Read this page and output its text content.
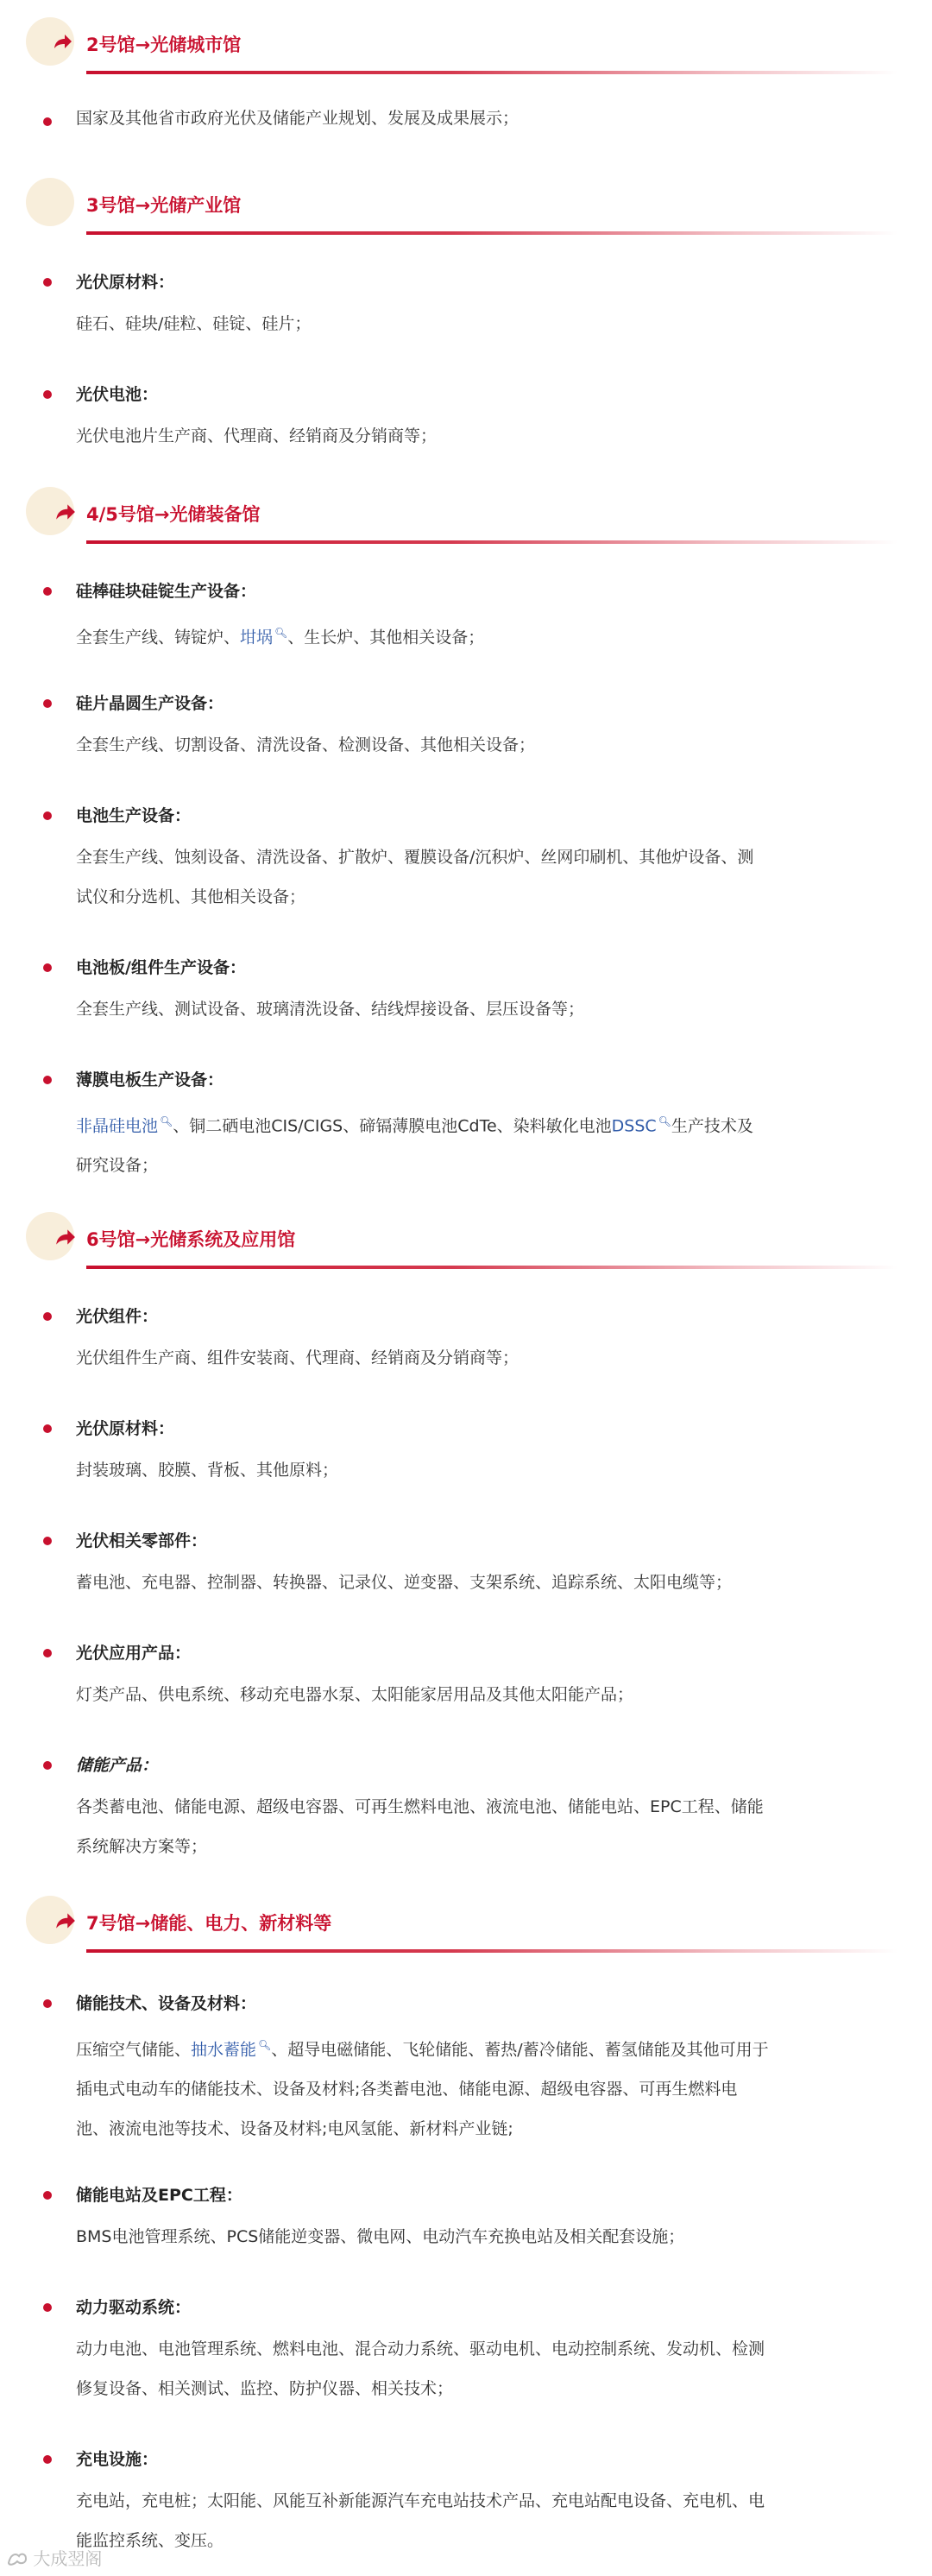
2号馆→光储城市馆
国家及其他省市政府光伏及储能产业规划、发展及成果展示；
3号馆→光储产业馆
光伏原材料：
硅石、硅块/硅粒、硅锭、硅片；
光伏电池：
光伏电池片生产商、代理商、经销商及分销商等；
4/5号馆→光储装备馆
硅棒硅块硅锭生产设备：
全套生产线、铸锭炉、坩埚 🔍︎、生长炉、其他相关设备；
硅片晶圆生产设备：
全套生产线、切割设备、清洗设备、检测设备、其他相关设备；
电池生产设备：
全套生产线、蚀刻设备、清洗设备、扩散炉、覆膜设备/沉积炉、丝网印刷机、其他炉设备、测
试仪和分选机、其他相关设备；
电池板/组件生产设备：
全套生产线、测试设备、玻璃清洗设备、结线焊接设备、层压设备等；
薄膜电板生产设备：
非晶硅电池 🔍︎、铜二硒电池CIS/CIGS、碲镉薄膜电池CdTe、染料敏化电池DSSC 🔍︎生产技术及
研究设备；
6号馆→光储系统及应用馆
光伏组件：
光伏组件生产商、组件安装商、代理商、经销商及分销商等；
光伏原材料：
封装玻璃、胶膜、背板、其他原料；
光伏相关零部件：
蓄电池、充电器、控制器、转换器、记录仪、逆变器、支架系统、追踪系统、太阳电缆等；
光伏应用产品：
灯类产品、供电系统、移动充电器水泵、太阳能家居用品及其他太阳能产品；
储能产品：
各类蓄电池、储能电源、超级电容器、可再生燃料电池、液流电池、储能电站、EPC工程、储能
系统解决方案等；
7号馆→储能、电力、新材料等
储能技术、设备及材料：
压缩空气储能、抽水蓄能 🔍︎、超导电磁储能、飞轮储能、蓄热/蓄冷储能、蓄氢储能及其他可用于
插电式电动车的储能技术、设备及材料;各类蓄电池、储能电源、超级电容器、可再生燃料电
池、液流电池等技术、设备及材料;电风氢能、新材料产业链;
储能电站及EPC工程：
BMS电池管理系统、PCS储能逆变器、微电网、电动汽车充换电站及相关配套设施；
动力驱动系统：
动力电池、电池管理系统、燃料电池、混合动力系统、驱动电机、电动控制系统、发动机、检测
修复设备、相关测试、监控、防护仪器、相关技术；
充电设施：
充电站，充电桩；太阳能、风能互补新能源汽车充电站技术产品、充电站配电设备、充电机、电
能监控系统、变压。
大成翌阁
